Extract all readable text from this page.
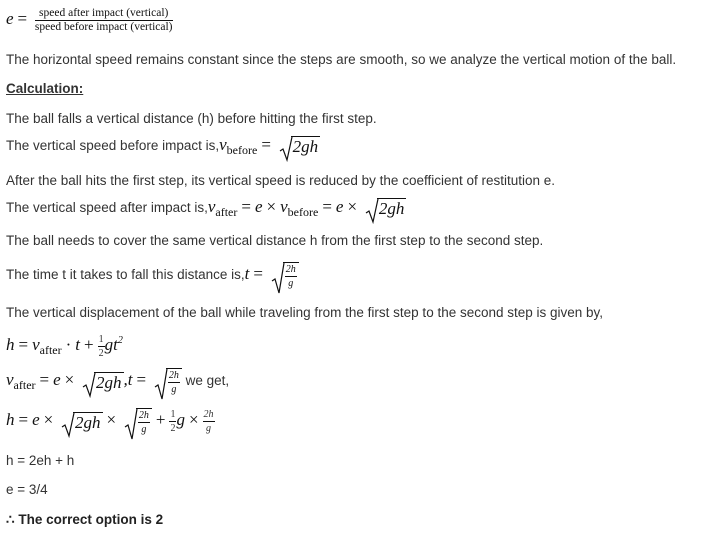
$e = \frac{\text{speed after impact (vertical)}}{\text{speed before impact (vertical)}}$
The horizontal speed remains constant since the steps are smooth, so we analyze the vertical motion of the ball.
Calculation:
The ball falls a vertical distance (h) before hitting the first step.
The vertical speed before impact $is,v_{before} = 2gh$
After the ball hits the first step, its vertical speed is reduced by the coefficient of restitution e.
The vertical speed after impact $is,v_{after} = e \times v_{before} = e \times 2gh$
The ball needs to cover the same vertical distance h from the first step to the second step.
The time t it takes to fall this distance $is,t = \frac{2h}{g}$
The vertical displacement of the ball while traveling from the first step to the second step is given by,
$h = v_{after} \cdot t + \frac{1}{2} gt^2$
$v_{after} = e \times 2gh$ $,t = \frac{2h}{g}$ we get,
$h = e \times 2gh \times \frac{2h}{g} + \frac{1}{2}$ $g \times \frac{2h}{g}$
h = 2eh + h
e = 3/4
∴ The correct option is 2
